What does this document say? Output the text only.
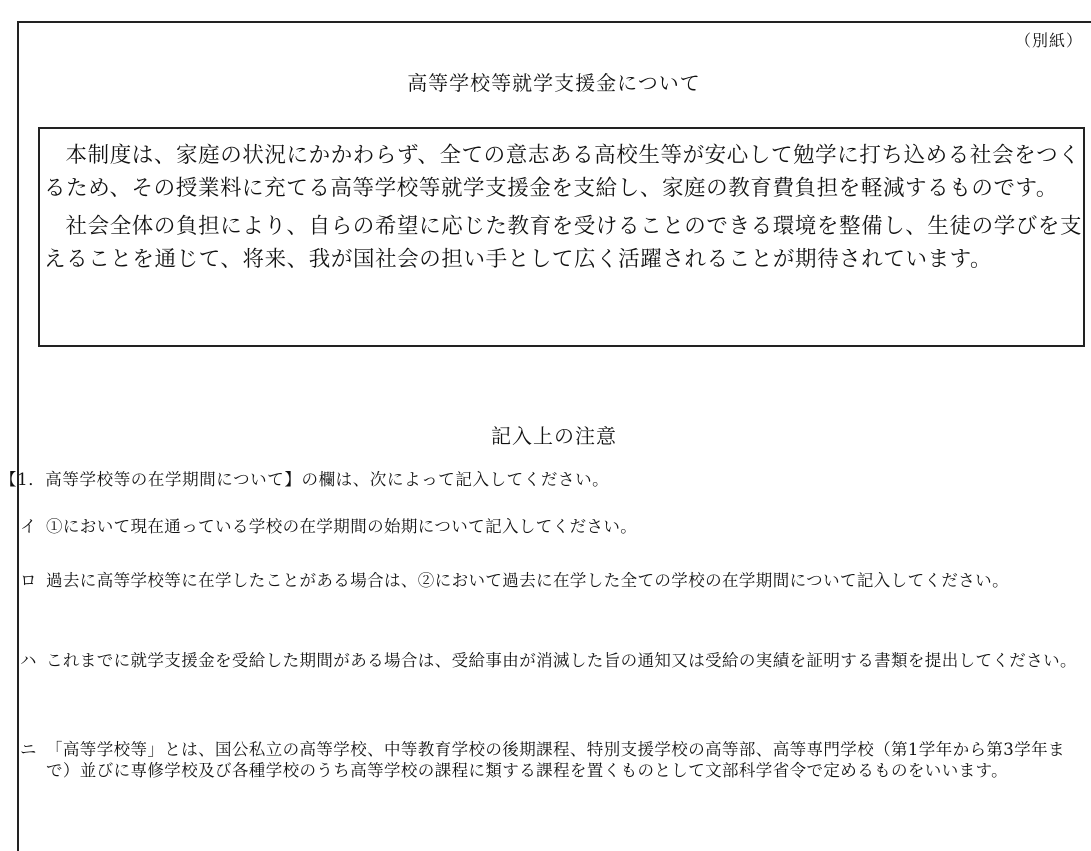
（別紙）
高等学校等就学支援金について

本制度は、家庭の状況にかかわらず、全ての意志ある高校生等が安心して勉学に打ち込める社会をつくるため、その授業料に充てる高等学校等就学支援金を支給し、家庭の教育費負担を軽減するものです。

社会全体の負担により、自らの希望に応じた教育を受けることのできる環境を整備し、生徒の学びを支えることを通じて、将来、我が国社会の担い手として広く活躍されることが期待されています。

記入上の注意
【1．高等学校等の在学期間について】の欄は、次によって記入してください。
イ ①において現在通っている学校の在学期間の始期について記入してください。
ロ 過去に高等学校等に在学したことがある場合は、②において過去に在学した全ての学校の在学期間について記入してください。
ハ これまでに就学支援金を受給した期間がある場合は、受給事由が消滅した旨の通知又は受給の実績を証明する書類を提出してください。
ニ 「高等学校等」とは、国公私立の高等学校、中等教育学校の後期課程、特別支援学校の高等部、高等専門学校（第1学年から第3学年まで）並びに専修学校及び各種学校のうち高等学校の課程に類する課程を置くものとして文部科学省令で定めるものをいいます。
